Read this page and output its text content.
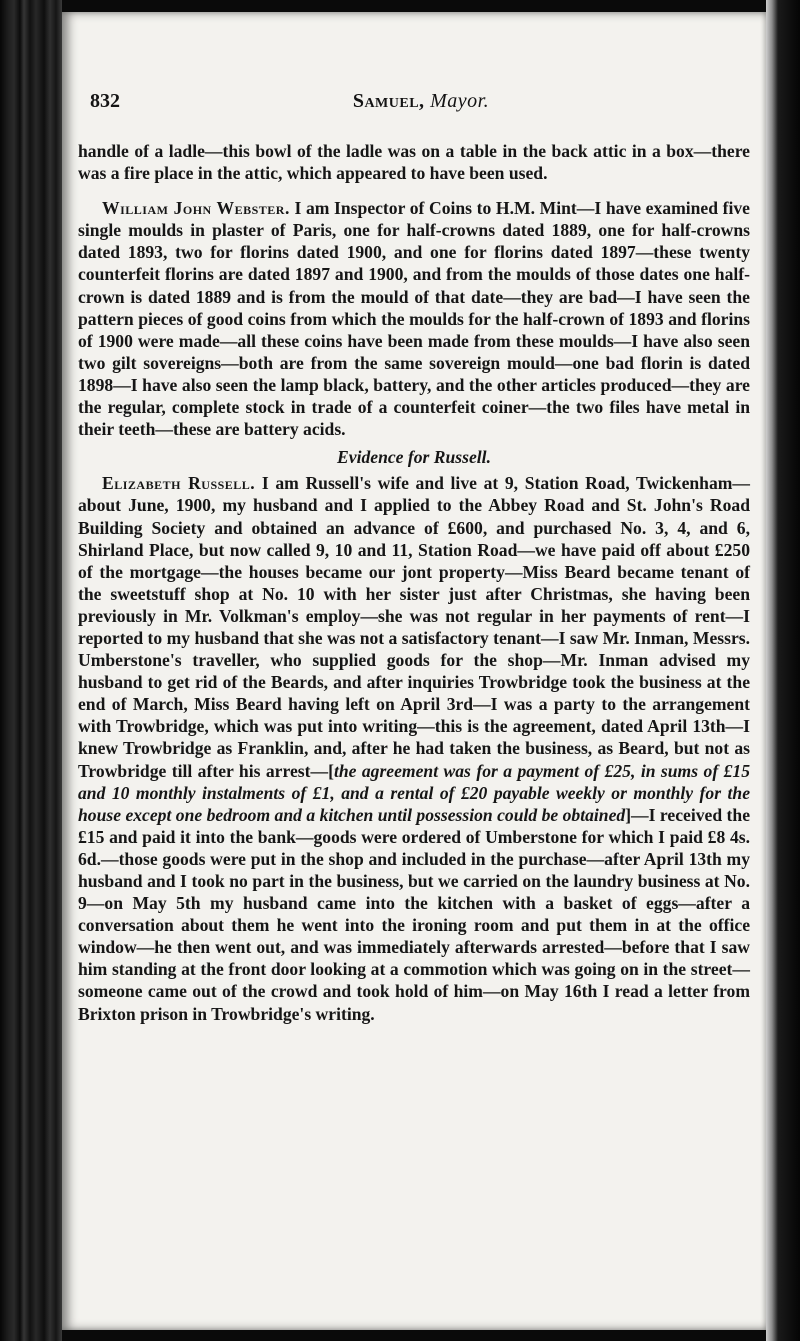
832	Samuel, Mayor.

handle of a ladle—this bowl of the ladle was on a table in the back attic in a box—there was a fire place in the attic, which appeared to have been used.

William John Webster. I am Inspector of Coins to H.M. Mint—I have examined five single moulds in plaster of Paris, one for half-crowns dated 1889, one for half-crowns dated 1893, two for florins dated 1900, and one for florins dated 1897—these twenty counterfeit florins are dated 1897 and 1900, and from the moulds of those dates one half-crown is dated 1889 and is from the mould of that date—they are bad—I have seen the pattern pieces of good coins from which the moulds for the half-crown of 1893 and florins of 1900 were made—all these coins have been made from these moulds—I have also seen two gilt sovereigns—both are from the same sovereign mould—one bad florin is dated 1898—I have also seen the lamp black, battery, and the other articles produced—they are the regular, complete stock in trade of a counterfeit coiner—the two files have metal in their teeth—these are battery acids.

Evidence for Russell.

Elizabeth Russell. I am Russell's wife and live at 9, Station Road, Twickenham—about June, 1900, my husband and I applied to the Abbey Road and St. John's Road Building Society and obtained an advance of £600, and purchased No. 3, 4, and 6, Shirland Place, but now called 9, 10 and 11, Station Road—we have paid off about £250 of the mortgage—the houses became our jont property—Miss Beard became tenant of the sweetstuff shop at No. 10 with her sister just after Christmas, she having been previously in Mr. Volkman's employ—she was not regular in her payments of rent—I reported to my husband that she was not a satisfactory tenant—I saw Mr. Inman, Messrs. Umberstone's traveller, who supplied goods for the shop—Mr. Inman advised my husband to get rid of the Beards, and after inquiries Trowbridge took the business at the end of March, Miss Beard having left on April 3rd—I was a party to the arrangement with Trowbridge, which was put into writing—this is the agreement, dated April 13th—I knew Trowbridge as Franklin, and, after he had taken the business, as Beard, but not as Trowbridge till after his arrest—[the agreement was for a payment of £25, in sums of £15 and 10 monthly instalments of £1, and a rental of £20 payable weekly or monthly for the house except one bedroom and a kitchen until possession could be obtained]—I received the £15 and paid it into the bank—goods were ordered of Umberstone for which I paid £8 4s. 6d.—those goods were put in the shop and included in the purchase—after April 13th my husband and I took no part in the business, but we carried on the laundry business at No. 9—on May 5th my husband came into the kitchen with a basket of eggs—after a conversation about them he went into the ironing room and put them in at the office window—he then went out, and was immediately afterwards arrested—before that I saw him standing at the front door looking at a commotion which was going on in the street—someone came out of the crowd and took hold of him—on May 16th I read a letter from Brixton prison in Trowbridge's writing.
